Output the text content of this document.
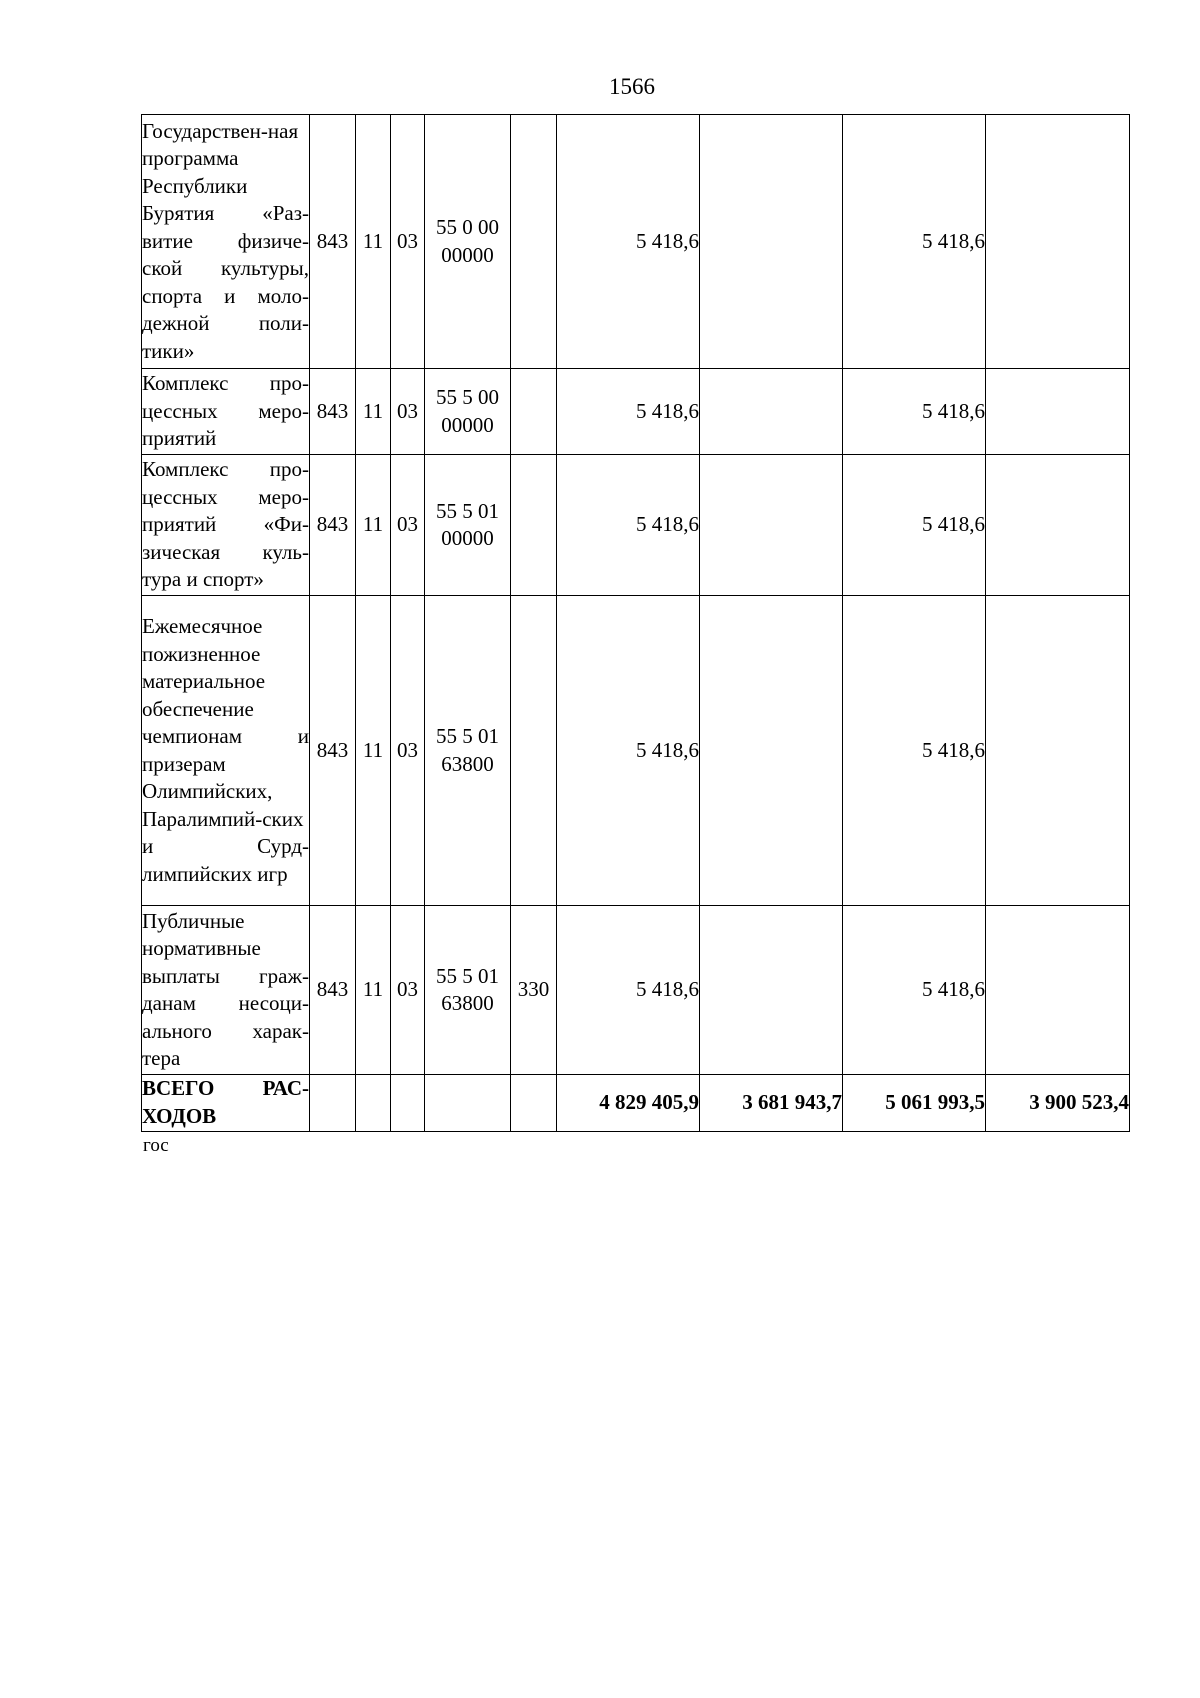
1566
Государствен-ная программа Республики Бурятия «Раз-витие физиче-ской культуры, спорта и моло-дежной поли-тики»	843	11	03	55 0 00
00000		5 418,6		5 418,6	

Комплекс про-цессных меро-приятий	843	11	03	55 5 00
00000		5 418,6		5 418,6	

Комплекс про-цессных меро-приятий «Фи-зическая куль-тура и спорт»	843	11	03	55 5 01
00000		5 418,6		5 418,6	

Ежемесячное пожизненное материальное обеспечение чемпионам и призерам Олимпийских, Паралимпий-ских и Сурд-лимпийских игр	843	11	03	55 5 01
63800		5 418,6		5 418,6	

Публичные нормативные выплаты граж-данам несоци-ального харак-тера	843	11	03	55 5 01
63800	330	5 418,6		5 418,6	

ВСЕГО РАС-ХОДОВ						4 829 405,9	3 681 943,7	5 061 993,5	3 900 523,4
гос
